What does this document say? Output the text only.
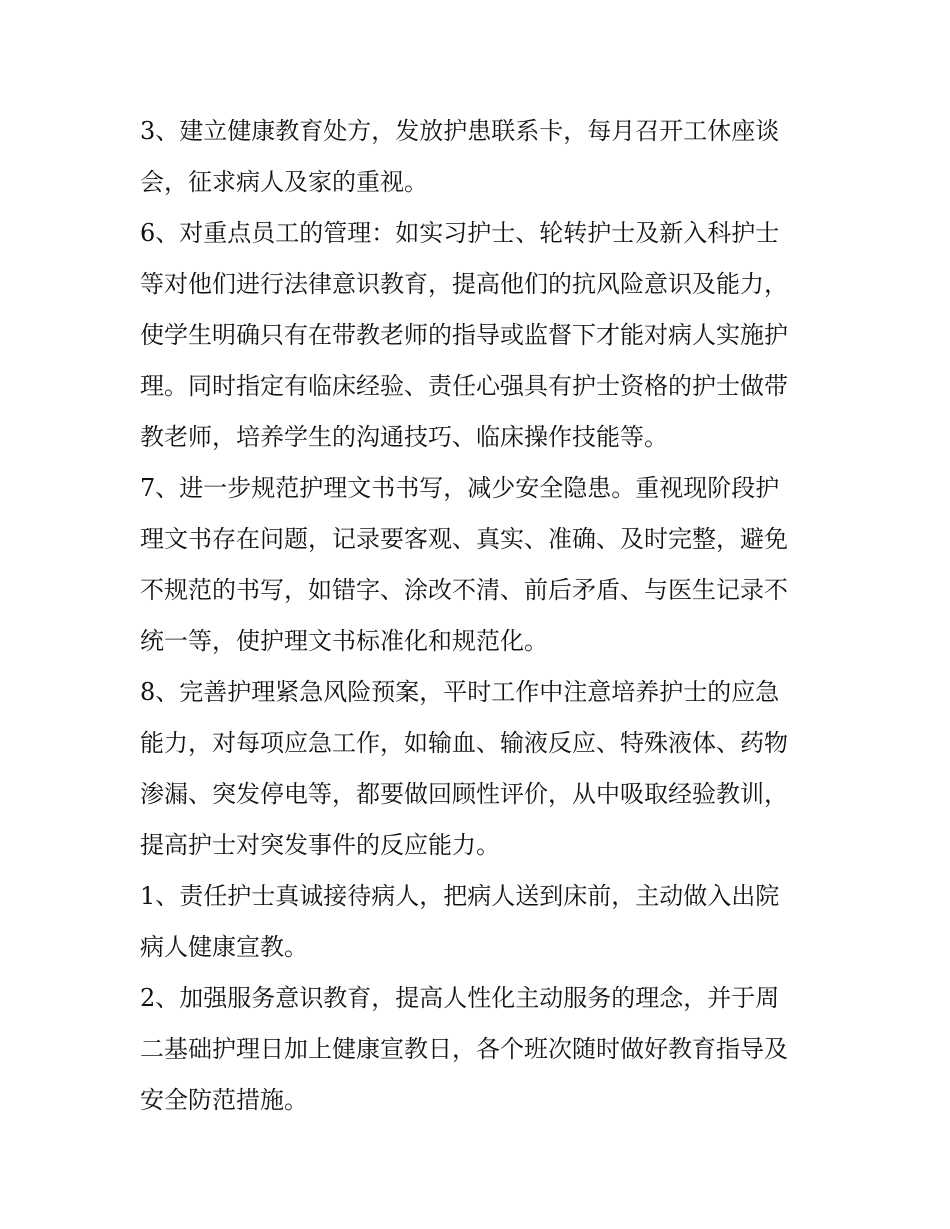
3、建立健康教育处方，发放护患联系卡，每月召开工休座谈
会，征求病人及家的重视。
6、对重点员工的管理：如实习护士、轮转护士及新入科护士
等对他们进行法律意识教育，提高他们的抗风险意识及能力，
使学生明确只有在带教老师的指导或监督下才能对病人实施护
理。同时指定有临床经验、责任心强具有护士资格的护士做带
教老师，培养学生的沟通技巧、临床操作技能等。
7、进一步规范护理文书书写，减少安全隐患。重视现阶段护
理文书存在问题，记录要客观、真实、准确、及时完整，避免
不规范的书写，如错字、涂改不清、前后矛盾、与医生记录不
统一等，使护理文书标准化和规范化。
8、完善护理紧急风险预案，平时工作中注意培养护士的应急
能力，对每项应急工作，如输血、输液反应、特殊液体、药物
渗漏、突发停电等，都要做回顾性评价，从中吸取经验教训，
提高护士对突发事件的反应能力。
1、责任护士真诚接待病人，把病人送到床前，主动做入出院
病人健康宣教。
2、加强服务意识教育，提高人性化主动服务的理念，并于周
二基础护理日加上健康宣教日，各个班次随时做好教育指导及
安全防范措施。
